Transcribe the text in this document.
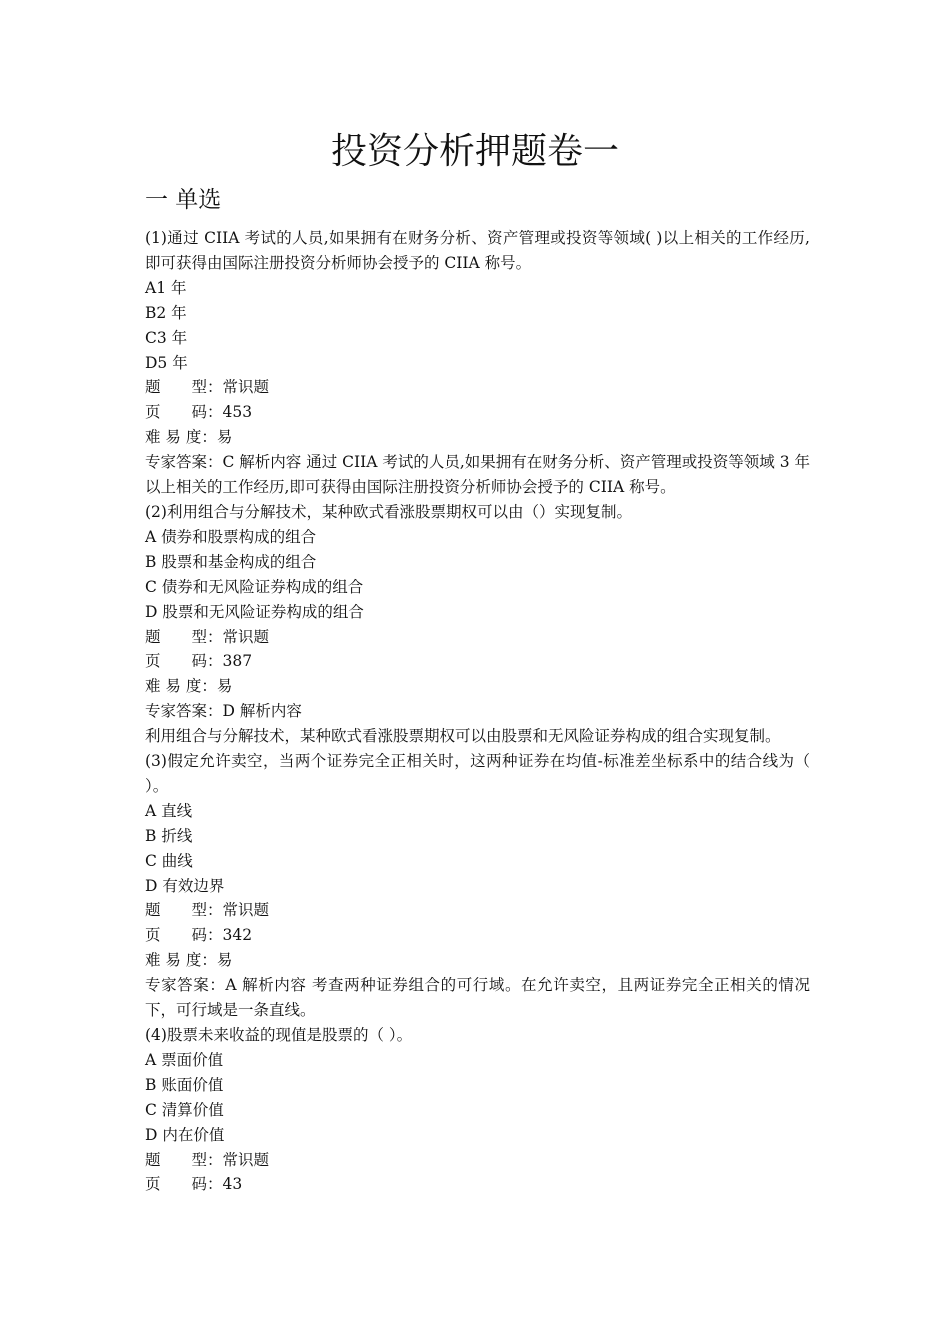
投资分析押题卷一
一 单选

(1)通过 CIIA 考试的人员,如果拥有在财务分析、资产管理或投资等领域( )以上相关的工作经历,即可获得由国际注册投资分析师协会授予的 CIIA 称号。

A1 年

B2 年

C3 年

D5 年

题　　型：常识题

页　　码：453

难 易 度：易

专家答案：C 解析内容 通过 CIIA 考试的人员,如果拥有在财务分析、资产管理或投资等领域 3 年以上相关的工作经历,即可获得由国际注册投资分析师协会授予的 CIIA 称号。

(2)利用组合与分解技术，某种欧式看涨股票期权可以由（）实现复制。

A 债券和股票构成的组合

B 股票和基金构成的组合

C 债券和无风险证券构成的组合

D 股票和无风险证券构成的组合

题　　型：常识题

页　　码：387

难 易 度：易

专家答案：D 解析内容

利用组合与分解技术，某种欧式看涨股票期权可以由股票和无风险证券构成的组合实现复制。

(3)假定允许卖空，当两个证券完全正相关时，这两种证券在均值-标准差坐标系中的结合线为（ ）。

A 直线

B 折线

C 曲线

D 有效边界

题　　型：常识题

页　　码：342

难 易 度：易

专家答案：A 解析内容 考查两种证券组合的可行域。在允许卖空，且两证券完全正相关的情况下，可行域是一条直线。

(4)股票未来收益的现值是股票的（ ）。

A 票面价值

B 账面价值

C 清算价值

D 内在价值

题　　型：常识题

页　　码：43
